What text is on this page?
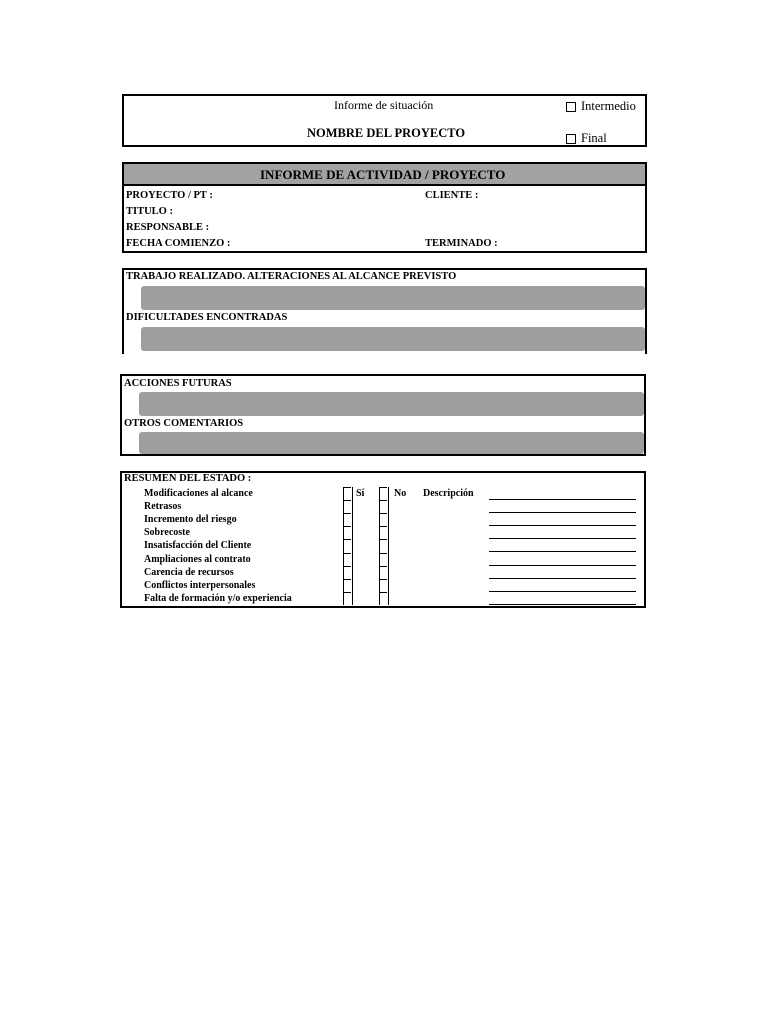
Informe de situación
NOMBRE DEL PROYECTO
Intermedio
Final
INFORME DE ACTIVIDAD / PROYECTO
PROYECTO / PT :	CLIENTE :
TITULO :
RESPONSABLE :
FECHA COMIENZO :	TERMINADO :
TRABAJO REALIZADO. ALTERACIONES AL ALCANCE PREVISTO
DIFICULTADES ENCONTRADAS
ACCIONES FUTURAS
OTROS COMENTARIOS
RESUMEN DEL ESTADO :
Sí	No Descripción
Modificaciones al alcance
Retrasos
Incremento del riesgo
Sobrecoste
Insatisfacción del Cliente
Ampliaciones al contrato
Carencia de recursos
Conflictos interpersonales
Falta de formación y/o experiencia
